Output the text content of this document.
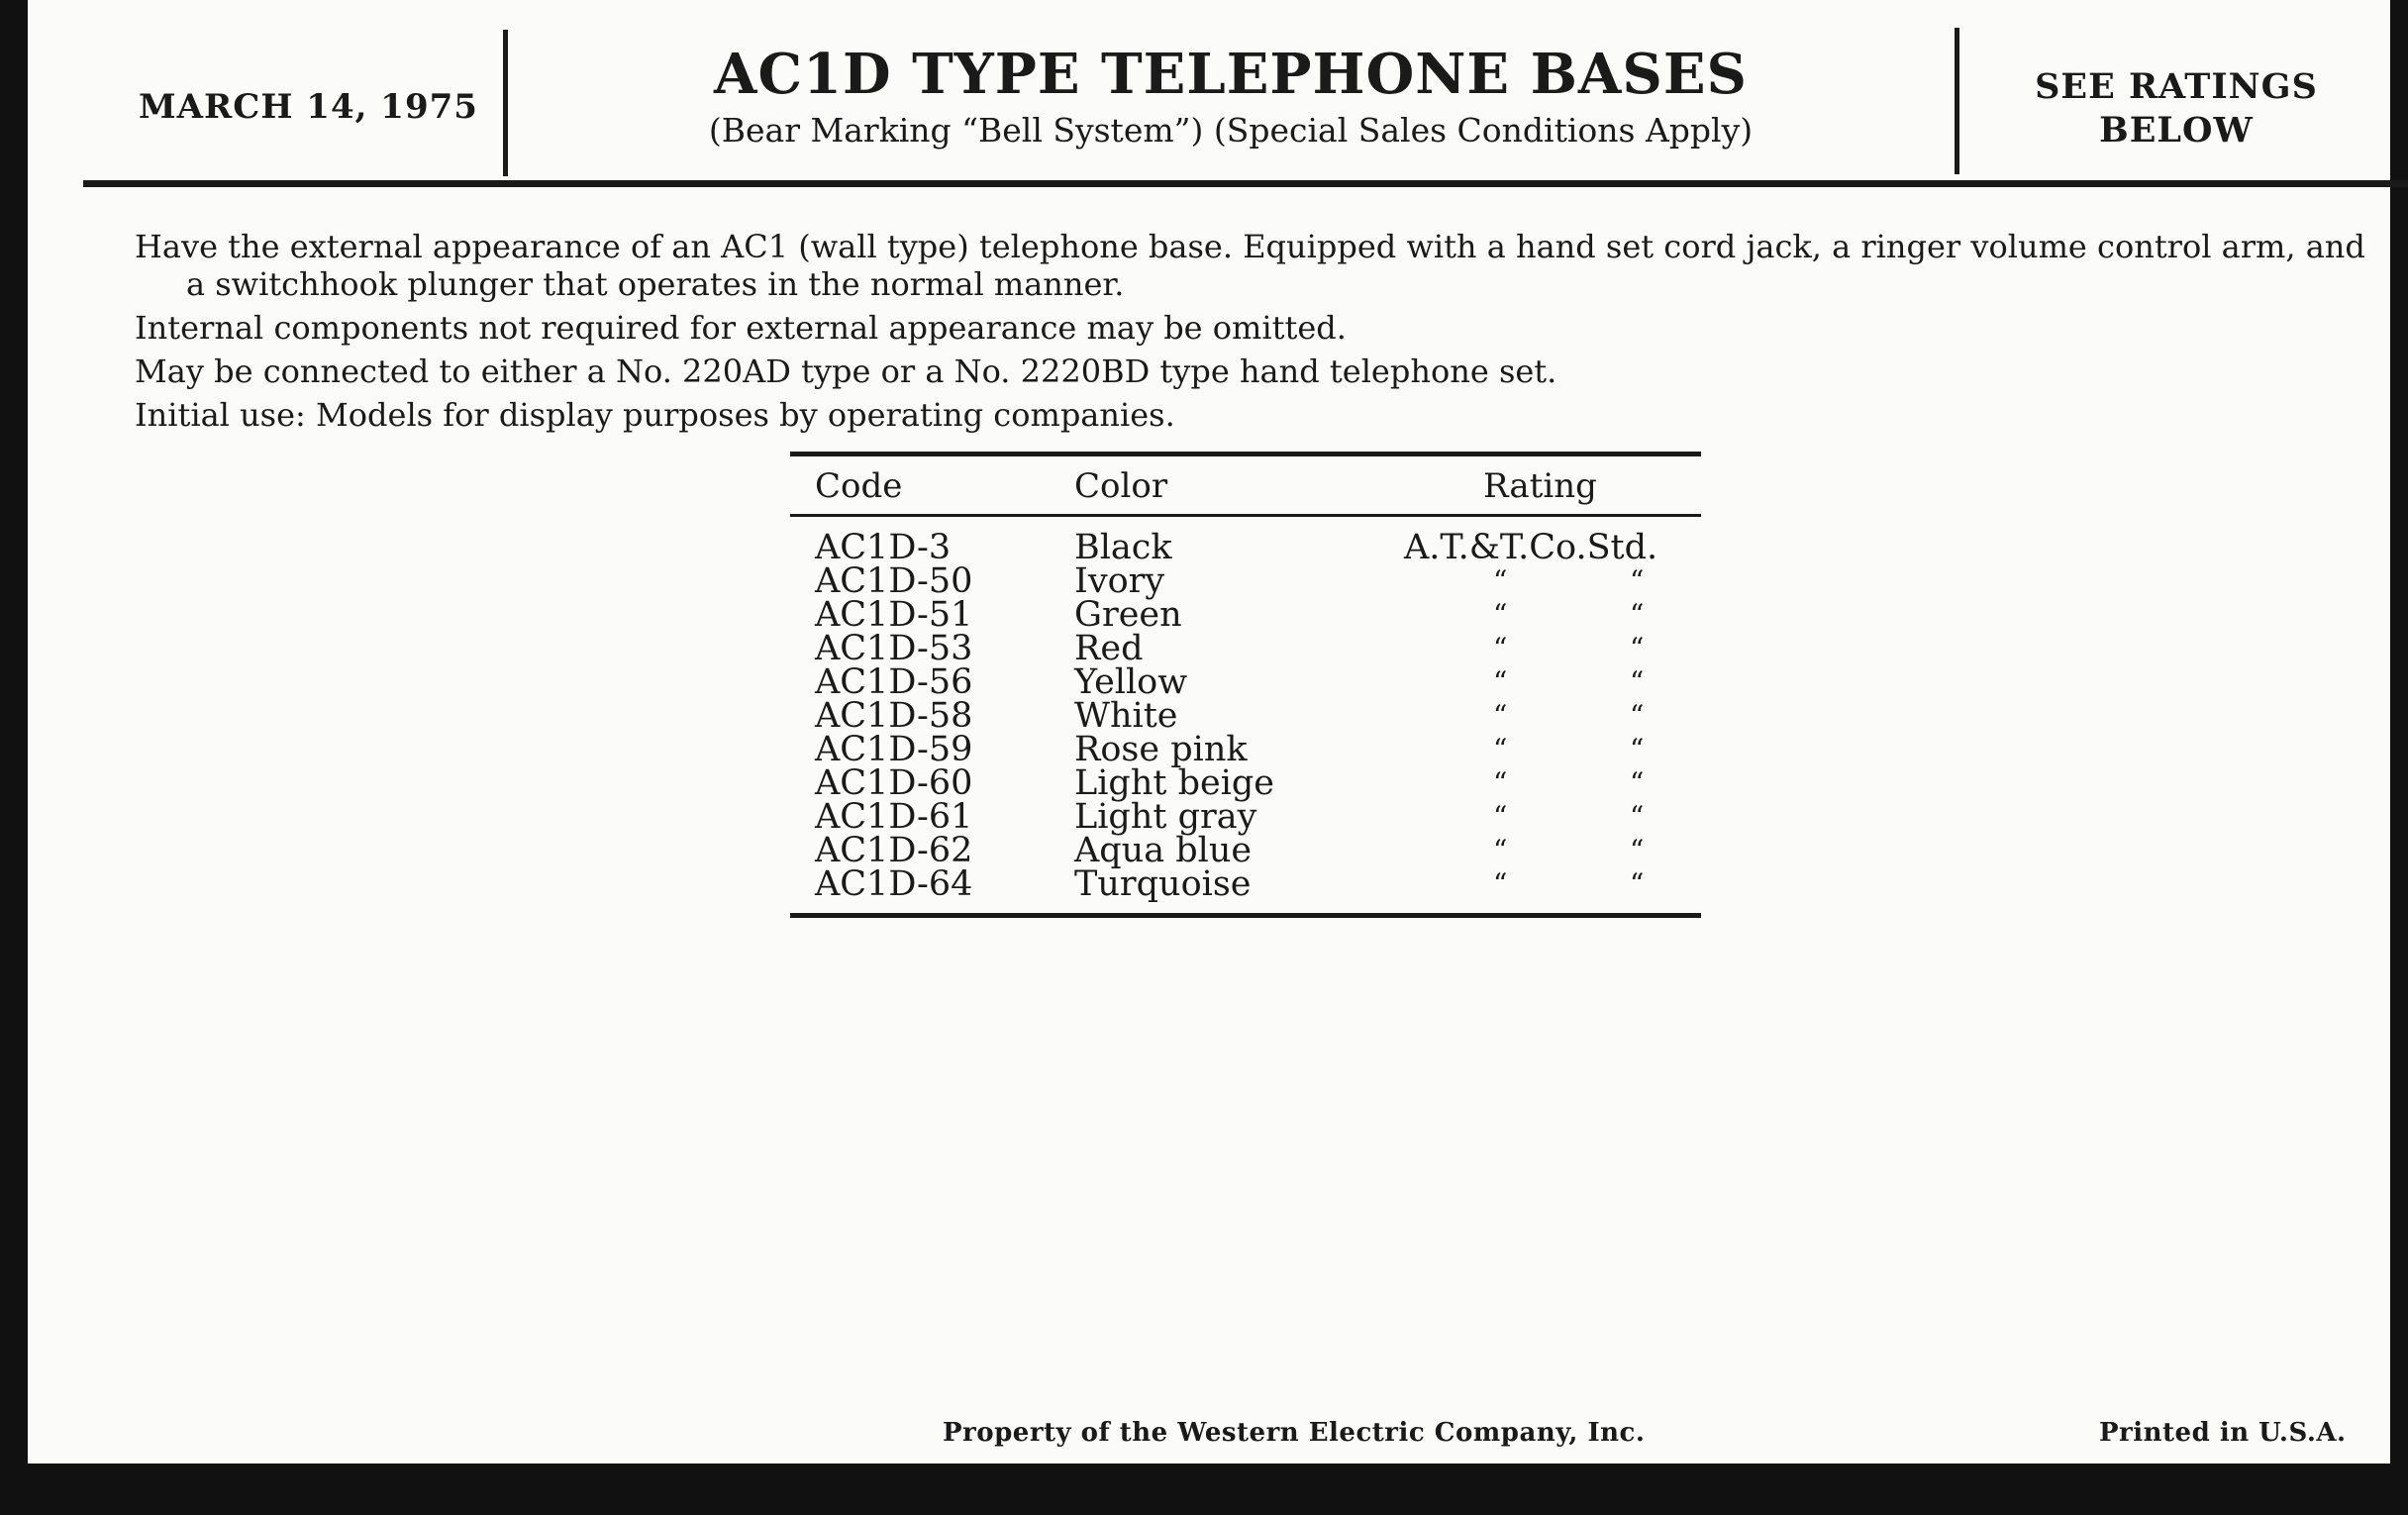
MARCH 14, 1975	AC1D TYPE TELEPHONE BASES
(Bear Marking “Bell System”) (Special Sales Conditions Apply)
SEE RATINGS
BELOW

Have the external appearance of an AC1 (wall type) telephone base. Equipped with a hand set cord jack, a ringer volume control arm, and a switchhook plunger that operates in the normal manner.

Internal components not required for external appearance may be omitted.

May be connected to either a No. 220AD type or a No. 2220BD type hand telephone set.

Initial use: Models for display purposes by operating companies.

Code	Color	Rating
AC1D-3	Black	A.T.&T.Co.Std.
AC1D-50	Ivory	“	“
AC1D-51	Green	“	“
AC1D-53	Red	“	“
AC1D-56	Yellow	“	“
AC1D-58	White	“	“
AC1D-59	Rose pink	“	“
AC1D-60	Light beige	“	“
AC1D-61	Light gray	“	“
AC1D-62	Aqua blue	“	“
AC1D-64	Turquoise	“	“
Property of the Western Electric Company, Inc.	Printed in U.S.A.
